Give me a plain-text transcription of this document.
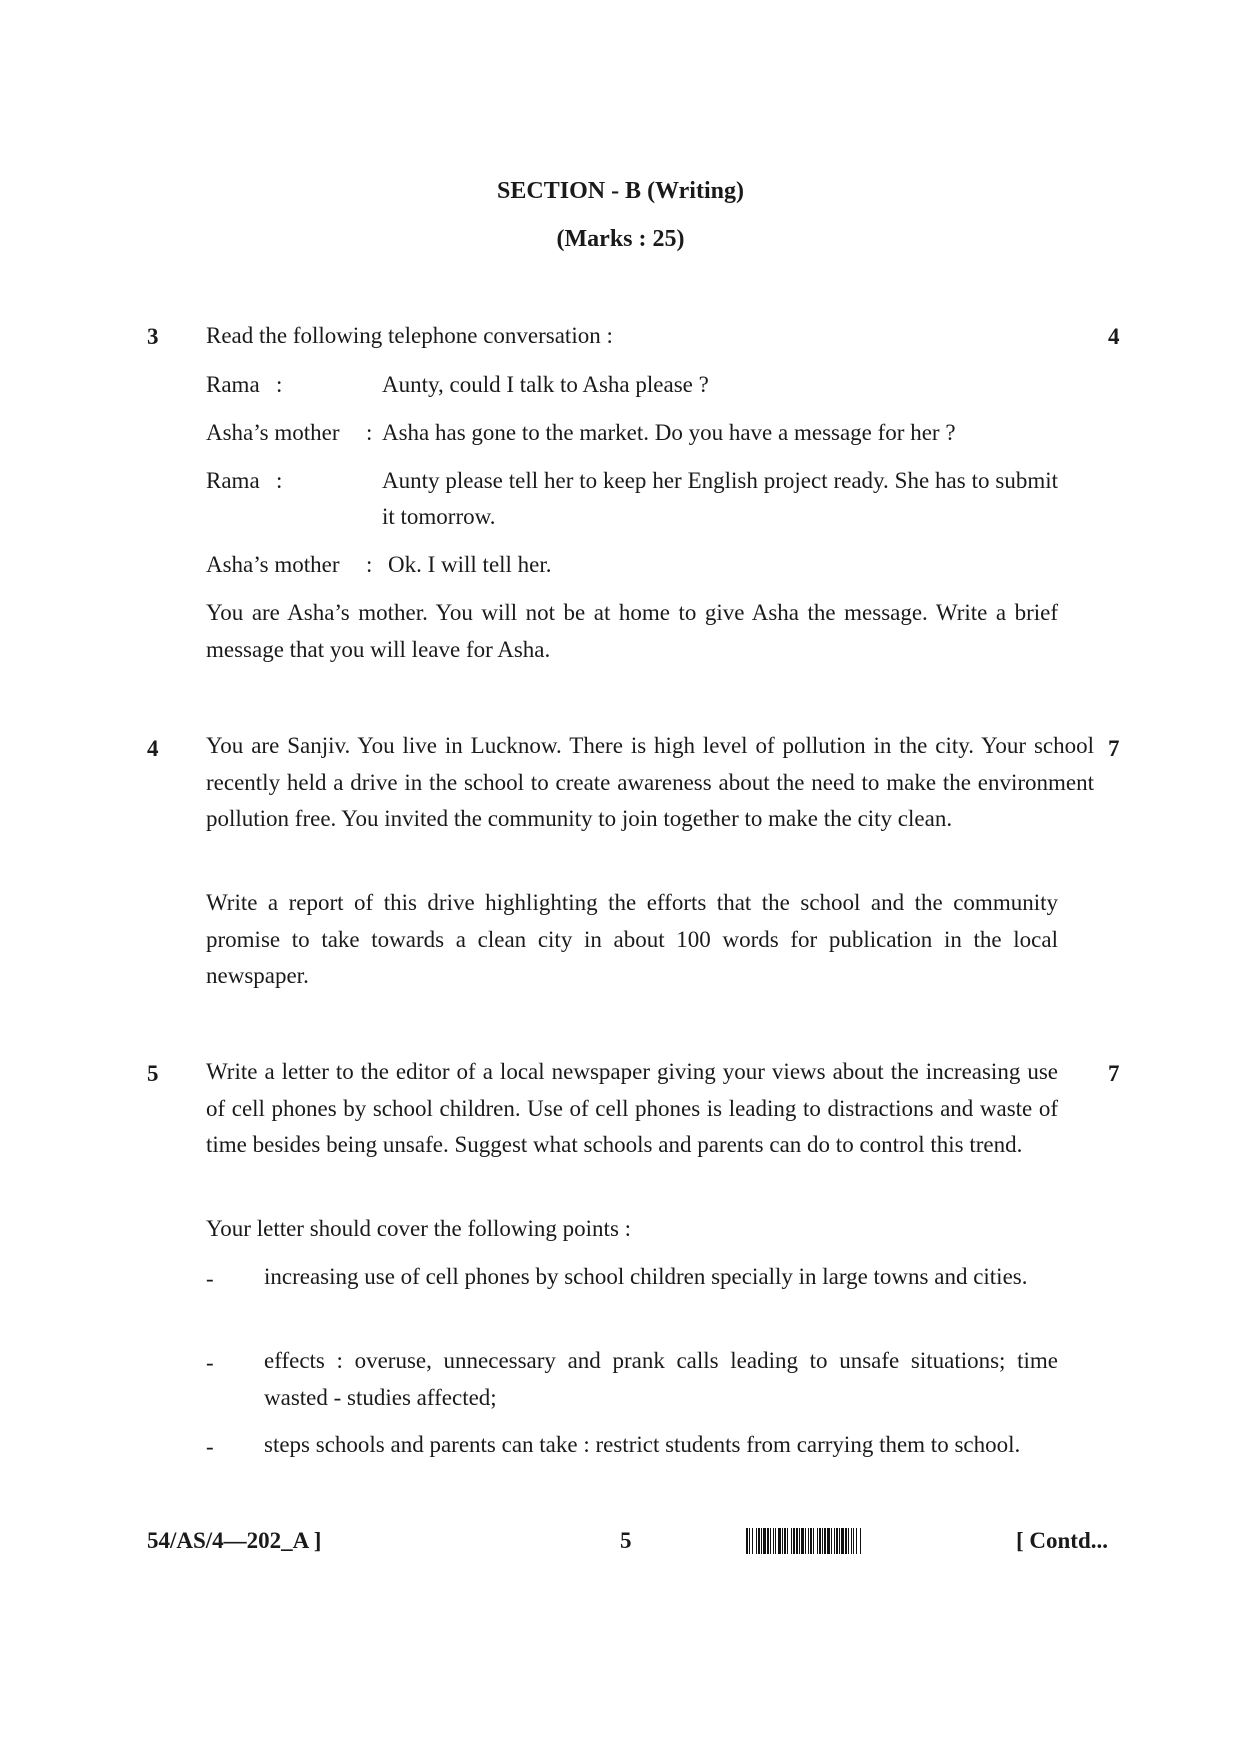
SECTION - B (Writing)
(Marks : 25)
3	4

Read the following telephone conversation :

Rama :	Aunty, could I talk to Asha please ?
Asha’s mother	: Asha has gone to the market. Do you have a message for her ?
Rama :	Aunty please tell her to keep her English project ready. She has to submit it tomorrow.
Asha’s mother	: Ok. I will tell her.

You are Asha’s mother. You will not be at home to give Asha the message. Write a brief message that you will leave for Asha.

4	7

You are Sanjiv. You live in Lucknow. There is high level of pollution in the city. Your school recently held a drive in the school to create awareness about the need to make the environment pollution free. You invited the community to join together to make the city clean.

Write a report of this drive highlighting the efforts that the school and the community promise to take towards a clean city in about 100 words for publication in the local newspaper.

5	7

Write a letter to the editor of a local newspaper giving your views about the increasing use of cell phones by school children. Use of cell phones is leading to distractions and waste of time besides being unsafe. Suggest what schools and parents can do to control this trend.

Your letter should cover the following points :

- increasing use of cell phones by school children specially in large towns and cities.

- effects : overuse, unnecessary and prank calls leading to unsafe situations; time wasted - studies affected;

- steps schools and parents can take : restrict students from carrying them to school.

54/AS/4—202_A ]	5	[ Contd...
